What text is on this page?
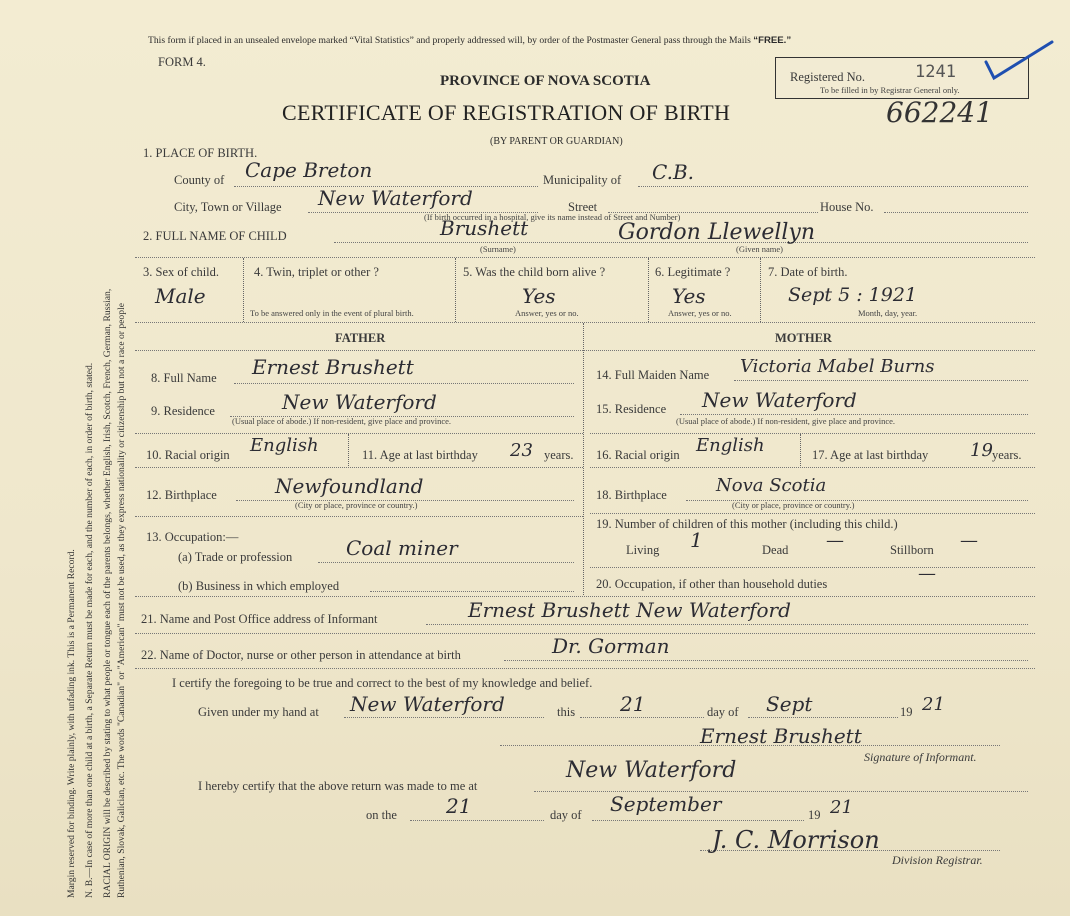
Margin reserved for binding. Write plainly, with unfading ink. This is a Permanent Record. N. B.—In case of more than one child at a birth, a Separate Return must be made for each, and the number of each, in order of birth, stated. RACIAL ORIGIN will be described by stating to what people or tongue each of the parents belongs, whether English, Irish, Scotch, French, German, Russian, Ruthenian, Slovak, Galician, etc. The words "Canadian" or "American" must not be used, as they express nationality or citizenship but not a race or people
This form if placed in an unsealed envelope marked “Vital Statistics” and properly addressed will, by order of the Postmaster General pass through the Mails “FREE.”
FORM 4.
PROVINCE OF NOVA SCOTIA	Registered No.	1241
To be filled in by Registrar General only.
CERTIFICATE OF REGISTRATION OF BIRTH	662241
(BY PARENT OR GUARDIAN)
1. PLACE OF BIRTH.
County of Cape Breton	Municipality of C.B.
City, Town or Village New Waterford	Street	House No.
(If birth occurred in a hospital, give its name instead of Street and Number)
2. FULL NAME OF CHILD	Brushett	Gordon Llewellyn
(Surname)	(Given name)
3. Sex of child.
Male
4. Twin, triplet or other ?
To be answered only in the event of plural birth.
5. Was the child born alive ?
Yes
Answer, yes or no.
6. Legitimate ?
Yes
Answer, yes or no.
7. Date of birth.
Sept 5 : 1921
Month, day, year.
FATHER	MOTHER
8. Full Name Ernest Brushett
9. Residence	New Waterford
(Usual place of abode.) If non-resident, give place and province.
10. Racial origin English	11. Age at last birthday 23 years.
12. Birthplace	Newfoundland
(City or place, province or country.)
13. Occupation:—
(a) Trade or profession	Coal miner
(b) Business in which employed
14. Full Maiden Name Victoria Mabel Burns
15. Residence New Waterford
(Usual place of abode.) If non-resident, give place and province.
16. Racial origin English	17. Age at last birthday 19 years.
18. Birthplace	Nova Scotia
(City or place, province or country.)
19. Number of children of this mother (including this child.)
Living 1	Dead —	Stillborn —
20. Occupation, if other than household duties	—
21. Name and Post Office address of Informant	Ernest Brushett New Waterford
22. Name of Doctor, nurse or other person in attendance at birth	Dr. Gorman
I certify the foregoing to be true and correct to the best of my knowledge and belief.
Given under my hand at New Waterford	this 21	day of Sept	19 21
Ernest Brushett
Signature of Informant.
I hereby certify that the above return was made to me at
New Waterford
on the 21	day of September	19 21
J. C. Morrison
Division Registrar.
